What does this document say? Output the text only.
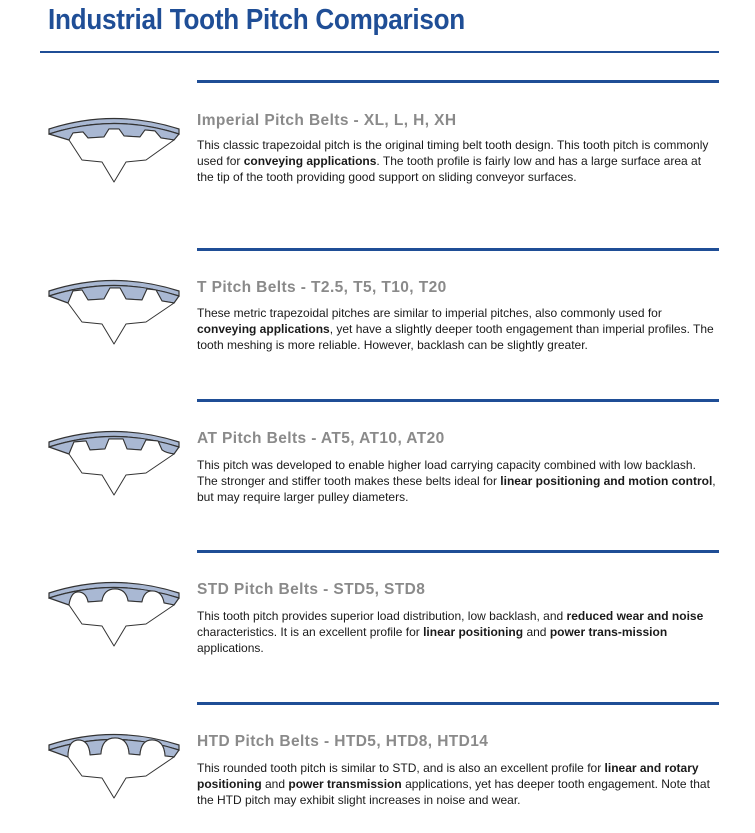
Industrial Tooth Pitch Comparison
Imperial Pitch Belts - XL, L, H, XH

This classic trapezoidal pitch is the original timing belt tooth design. This tooth pitch is commonly used for conveying applications. The tooth profile is fairly low and has a large surface area at the tip of the tooth providing good support on sliding conveyor surfaces.

T Pitch Belts - T2.5, T5, T10, T20

These metric trapezoidal pitches are similar to imperial pitches, also commonly used for conveying applications, yet have a slightly deeper tooth engagement than imperial profiles. The tooth meshing is more reliable. However, backlash can be slightly greater.

AT Pitch Belts - AT5, AT10, AT20

This pitch was developed to enable higher load carrying capacity combined with low backlash. The stronger and stiffer tooth makes these belts ideal for linear positioning and motion control, but may require larger pulley diameters.

STD Pitch Belts - STD5, STD8

This tooth pitch provides superior load distribution, low backlash, and reduced wear and noise characteristics. It is an excellent profile for linear positioning and power trans-mission applications.

HTD Pitch Belts - HTD5, HTD8, HTD14

This rounded tooth pitch is similar to STD, and is also an excellent profile for linear and rotary positioning and power transmission applications, yet has deeper tooth engagement. Note that the HTD pitch may exhibit slight increases in noise and wear.
